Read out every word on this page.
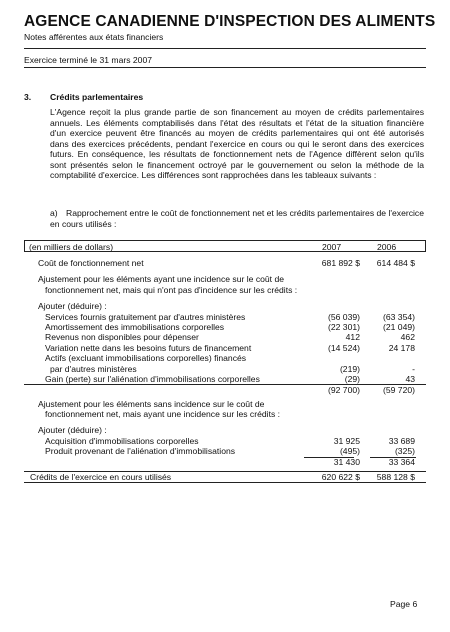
AGENCE CANADIENNE D'INSPECTION DES ALIMENTS
Notes afférentes aux états financiers
Exercice terminé le 31 mars 2007
3. Crédits parlementaires
L'Agence reçoit la plus grande partie de son financement au moyen de crédits parlementaires annuels. Les éléments comptabilisés dans l'état des résultats et l'état de la situation financière d'un exercice peuvent être financés au moyen de crédits parlementaires qui ont été autorisés dans des exercices précédents, pendant l'exercice en cours ou qui le seront dans des exercices futurs. En conséquence, les résultats de fonctionnement nets de l'Agence diffèrent selon qu'ils sont présentés selon le financement octroyé par le gouvernement ou selon la méthode de la comptabilité d'exercice. Les différences sont rapprochées dans les tableaux suivants :
a) Rapprochement entre le coût de fonctionnement net et les crédits parlementaires de l'exercice en cours utilisés :
(en milliers de dollars)	2007	2006
Coût de fonctionnement net	681 892 $ 614 484 $
Ajustement pour les éléments ayant une incidence sur le coût de
fonctionnement net, mais qui n'ont pas d'incidence sur les crédits :
Ajouter (déduire) :
Services fournis gratuitement par d'autres ministères	(56 039)	(63 354)
Amortissement des immobilisations corporelles	(22 301)	(21 049)
Revenus non disponibles pour dépenser	412	462
Variation nette dans les besoins futurs de financement	(14 524)	24 178
Actifs (excluant immobilisations corporelles) financés
par d'autres ministères	(219)	-
Gain (perte) sur l'aliénation d'immobilisations corporelles	(29)	43
(92 700)	(59 720)
Ajustement pour les éléments sans incidence sur le coût de
fonctionnement net, mais ayant une incidence sur les crédits :
Ajouter (déduire) :
Acquisition d'immobilisations corporelles	31 925	33 689
Produit provenant de l'aliénation d'immobilisations	(495)	(325)
31 430	33 364
Crédits de l'exercice en cours utilisés	620 622 $ 588 128 $
Page 6
